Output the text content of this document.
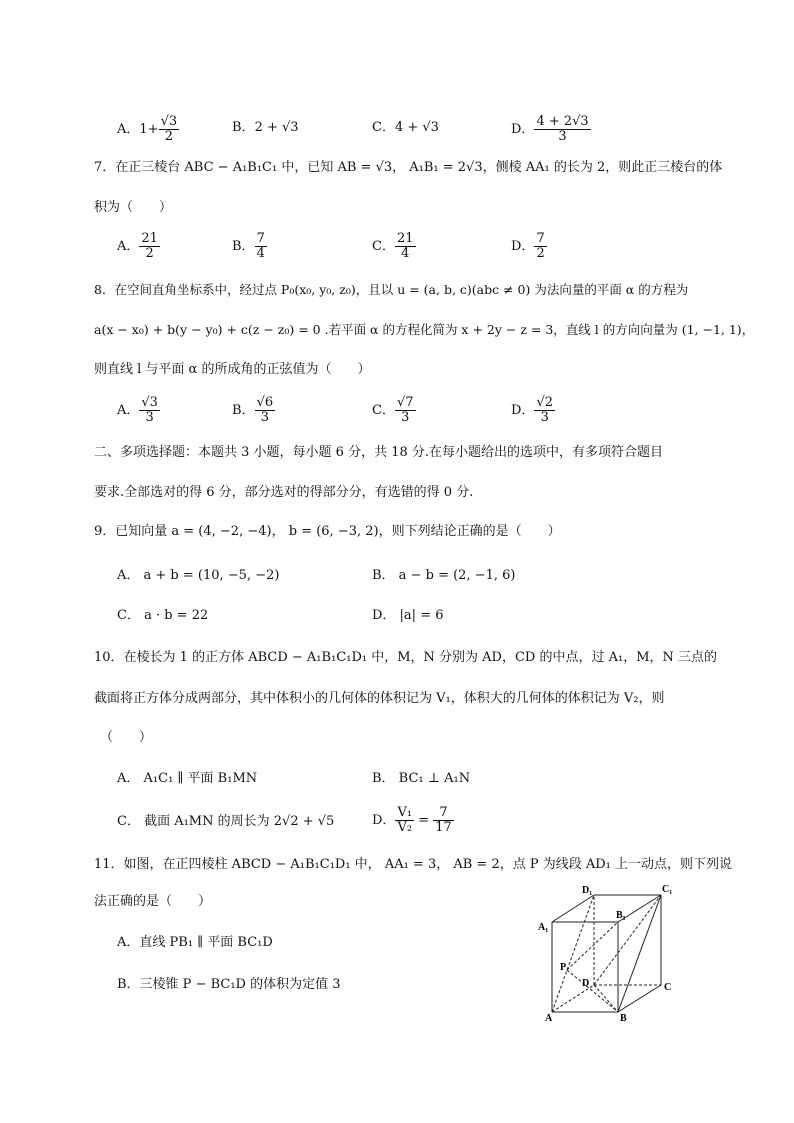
A．$1+ \frac{√3}{2}$	B．2 + √3	C．4 + √3	D． $\frac{4 + 2√3}{3}$
7．在正三棱台 ABC − A₁B₁C₁ 中，已知 AB = √3， A₁B₁ = 2√3，侧棱 AA₁ 的长为 2，则此正三棱台的体
积为（　　）
A． $\frac{21}{2}$	B． $\frac{7}{4}$	C． $\frac{21}{4}$	D． $\frac{7}{2}$
8．在空间直角坐标系中，经过点 P₀(x₀, y₀, z₀)，且以 u = (a, b, c)(abc ≠ 0) 为法向量的平面 α 的方程为
a(x − x₀) + b(y − y₀) + c(z − z₀) = 0 .若平面 α 的方程化简为 x + 2y − z = 3，直线 l 的方向向量为 (1, −1, 1)，
则直线 l 与平面 α 的所成角的正弦值为（　　）
A． $\frac{√3}{3}$	B． $\frac{√6}{3}$	C． $\frac{√7}{3}$	D． $\frac{√2}{3}$
二、多项选择题：本题共 3 小题，每小题 6 分，共 18 分.在每小题给出的选项中，有多项符合题目
要求.全部选对的得 6 分，部分选对的得部分分，有选错的得 0 分.
9．已知向量 a = (4, −2, −4)， b = (6, −3, 2)，则下列结论正确的是（　　）
A． a + b = (10, −5, −2)	B． a − b = (2, −1, 6)
C． a · b = 22	D． |a| = 6
10．在棱长为 1 的正方体 ABCD − A₁B₁C₁D₁ 中，M，N 分别为 AD，CD 的中点，过 A₁，M，N 三点的
截面将正方体分成两部分，其中体积小的几何体的体积记为 V₁，体积大的几何体的体积记为 V₂，则
（　　）
A． A₁C₁ ∥ 平面 B₁MN	B． BC₁ ⊥ A₁N
C． 截面 A₁MN 的周长为 2√2 + √5	D． $\frac{\text{V₁}}{\text{V₂}} = \frac{7}{17}$
11．如图，在正四棱柱 ABCD − A₁B₁C₁D₁ 中， AA₁ = 3， AB = 2，点 P 为线段 AD₁ 上一动点，则下列说
法正确的是（　　）
A．直线 PB₁ ∥ 平面 BC₁D
B．三棱锥 P − BC₁D 的体积为定值 3
D₁	C₁
B₁
A₁
P
D	C
A	B
